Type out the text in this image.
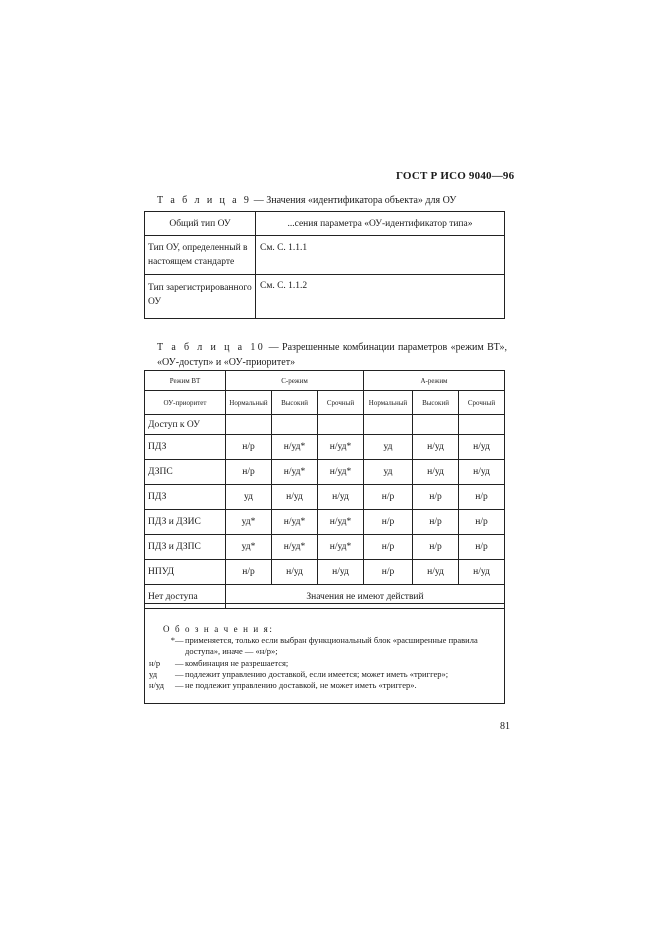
ГОСТ Р ИСО 9040—96
Т а б л и ц а 9 — Значения «идентификатора объекта» для ОУ
Общий тип ОУ	...сения параметра «ОУ-идентификатор типа»
Тип ОУ, определенный в настоящем стандарте	См. С. 1.1.1
Тип зарегистрированного ОУ	См. С. 1.1.2
Т а б л и ц а 10 — Разрешенные комбинации параметров «режим ВТ», «ОУ-доступ» и «ОУ-приоритет»
Режим ВТ	С-режим			А-режим		
ОУ-приоритет	Нормальный	Высокий	Срочный	Нормальный	Высокий	Срочный
Доступ к ОУ						
ПДЗ	н/р	н/уд*	н/уд*	уд	н/уд	н/уд
ДЗПС	н/р	н/уд*	н/уд*	уд	н/уд	н/уд
ПДЗ	уд	н/уд	н/уд	н/р	н/р	н/р
ПДЗ и ДЗИС	уд*	н/уд*	н/уд*	н/р	н/р	н/р
ПДЗ и ДЗПС	уд*	н/уд*	н/уд*	н/р	н/р	н/р
НПУД	н/р	н/уд	н/уд	н/р	н/уд	н/уд
Нет доступа	Значения не имеют действий					
О б о з н а ч е н и я:
*— применяется, только если выбран функциональный блок «расширенные правила доступа», иначе — «н/р»;
н/р — комбинация не разрешается;
уд — подлежит управлению доставкой, если имеется; может иметь «триггер»;
н/уд — не подлежит управлению доставкой, не может иметь «триггер».
81
